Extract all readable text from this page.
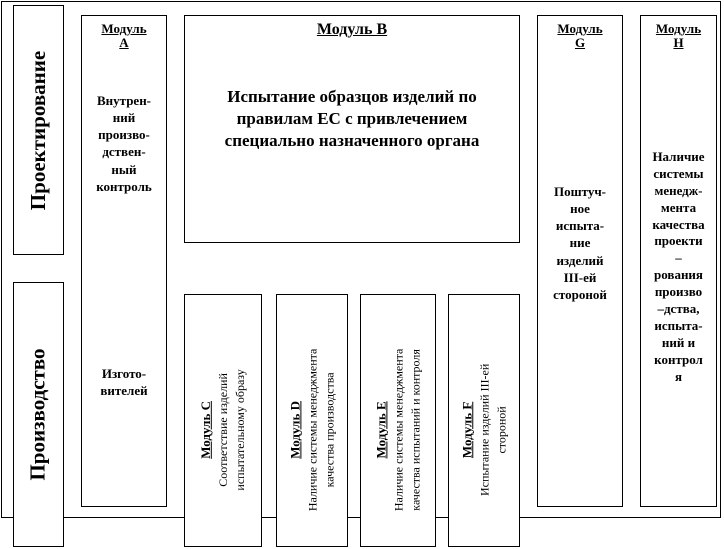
Проектирование
Производство
Модуль
А
Внутрен-
ний
произво-
дствен-
ный
контроль
Изгото-
вителей
Модуль В
Испытание образцов изделий по
правилам ЕС с привлечением
специально назначенного органа
Модуль
G
Поштуч-
ное
испыта-
ние
изделий
III-ей
стороной
Модуль
Н
Наличие
системы
менедж-
мента
качества
проекти
–
рования
произво
–дства,
испыта-
ний и
контрол
я
Модуль С Соответствие изделий испытательному образу	Модуль D Наличие системы менеджмента качества производства	Модуль Е Наличие системы менеджмента качества испытаний и контроля	Модуль F Испытание изделий III-ей стороной
